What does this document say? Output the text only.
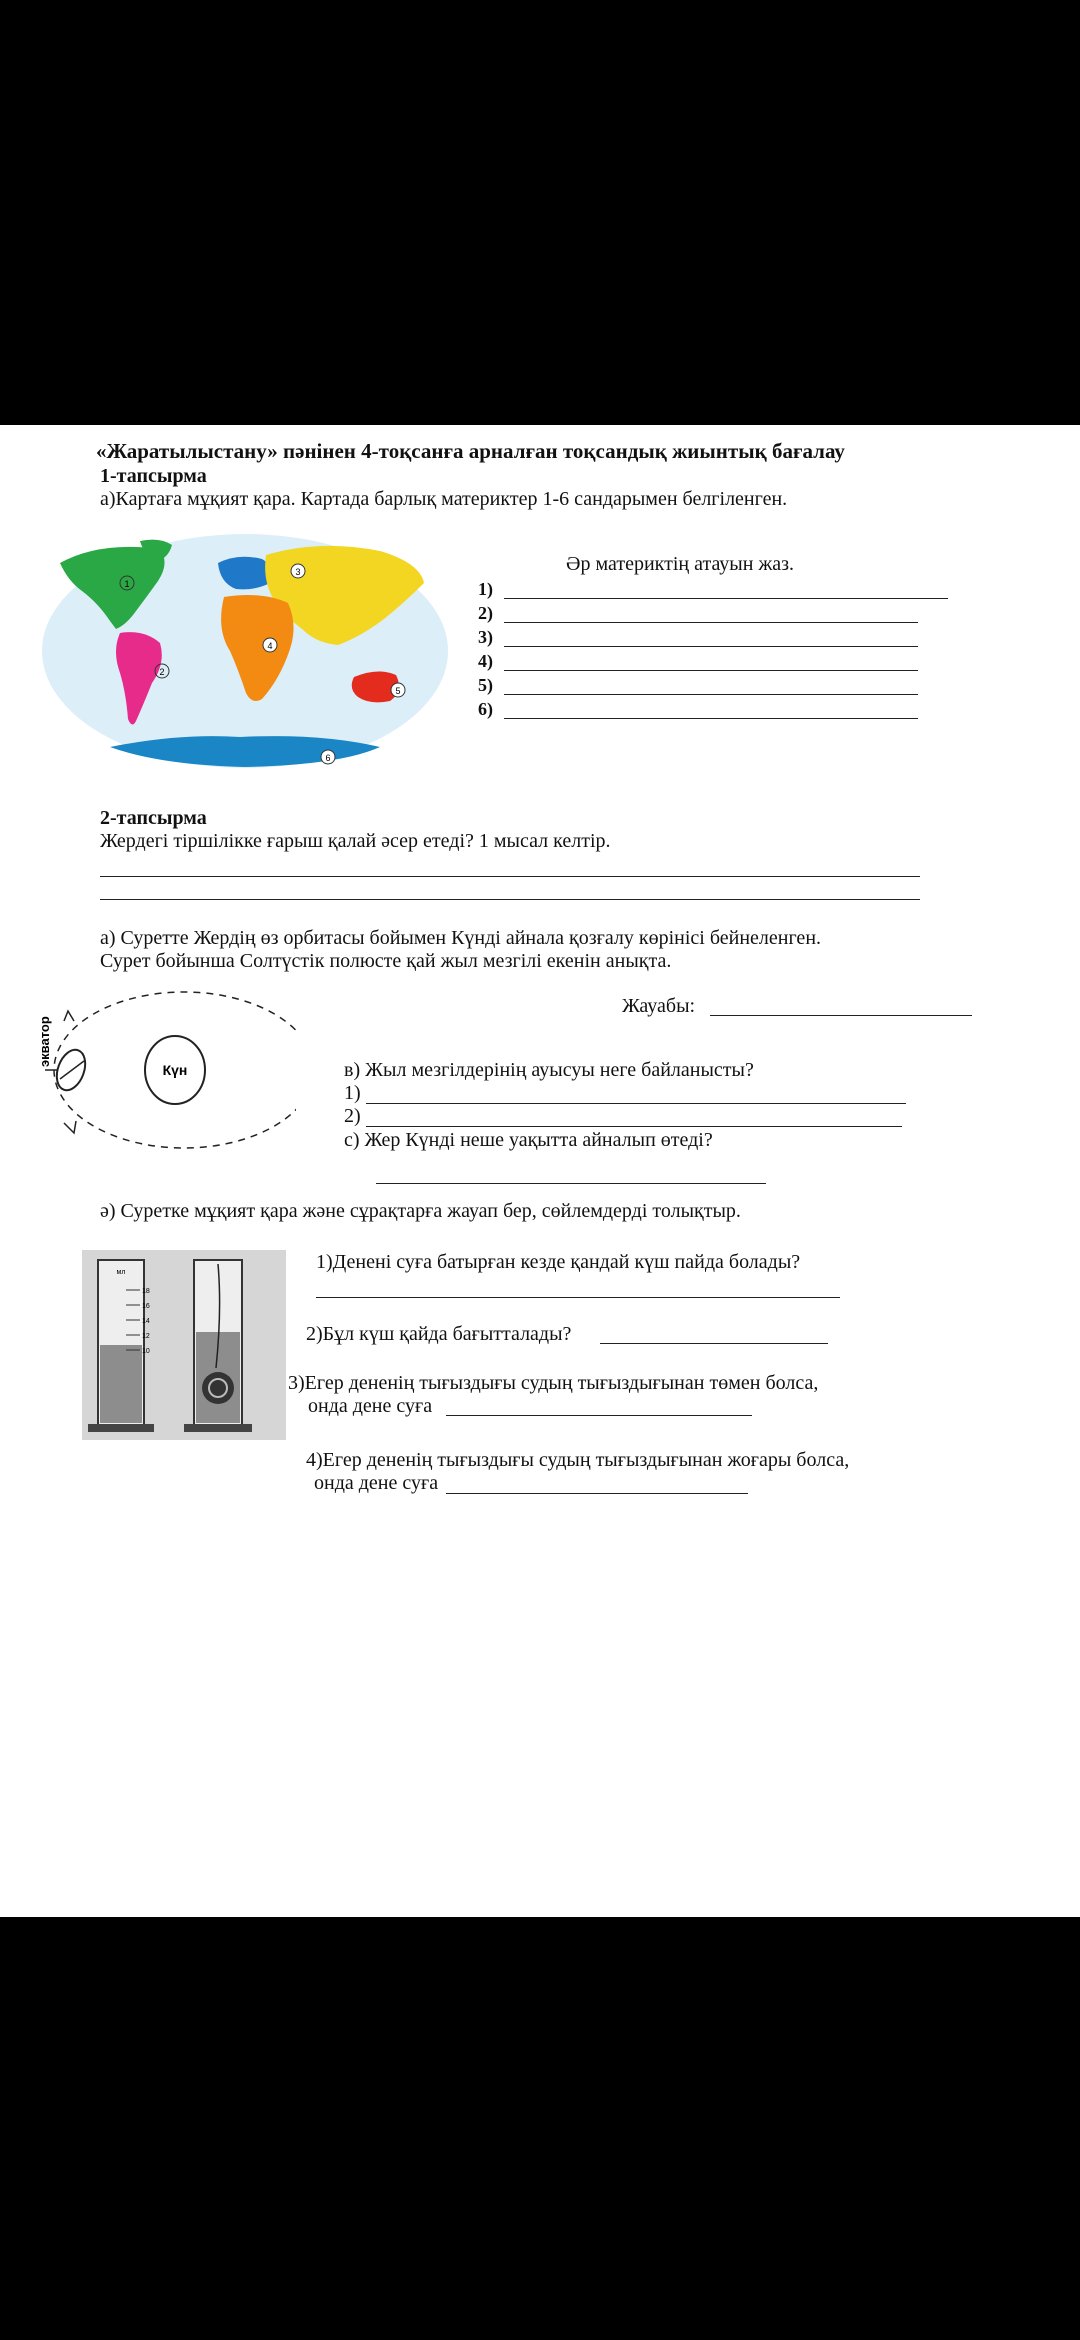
«Жаратылыстану» пәнінен 4-тоқсанға арналған тоқсандық жиынтық бағалау
1-тапсырма
а)Картаға мұқият қара. Картада барлық материктер 1-6 сандарымен белгіленген.
1
2
3
4
5
6
Әр материктің атауын жаз.
1)
2)
3)
4)
5)
6)
2-тапсырма
Жердегі тіршілікке ғарыш қалай әсер етеді? 1 мысал келтір.
а) Суретте Жердің өз орбитасы бойымен Күнді айнала қозғалу көрінісі бейнеленген.
Сурет бойынша Солтүстік полюсте қай жыл мезгілі екенін анықта.
экватор
Күн
Жауабы:
в) Жыл мезгілдерінің ауысуы неге байланысты?
1)
2)
с) Жер Күнді неше уақытта айналып өтеді?
ә) Суретке мұқият қара және сұрақтарға жауап бер, сөйлемдерді толықтыр.
мл
18
16
14
12
10
1)Денені суға батырған кезде қандай күш пайда болады?
2)Бұл күш қайда бағытталады?
3)Егер дененің тығыздығы судың тығыздығынан төмен болса,
онда дене суға
4)Егер дененің тығыздығы судың тығыздығынан жоғары болса,
онда дене суға
